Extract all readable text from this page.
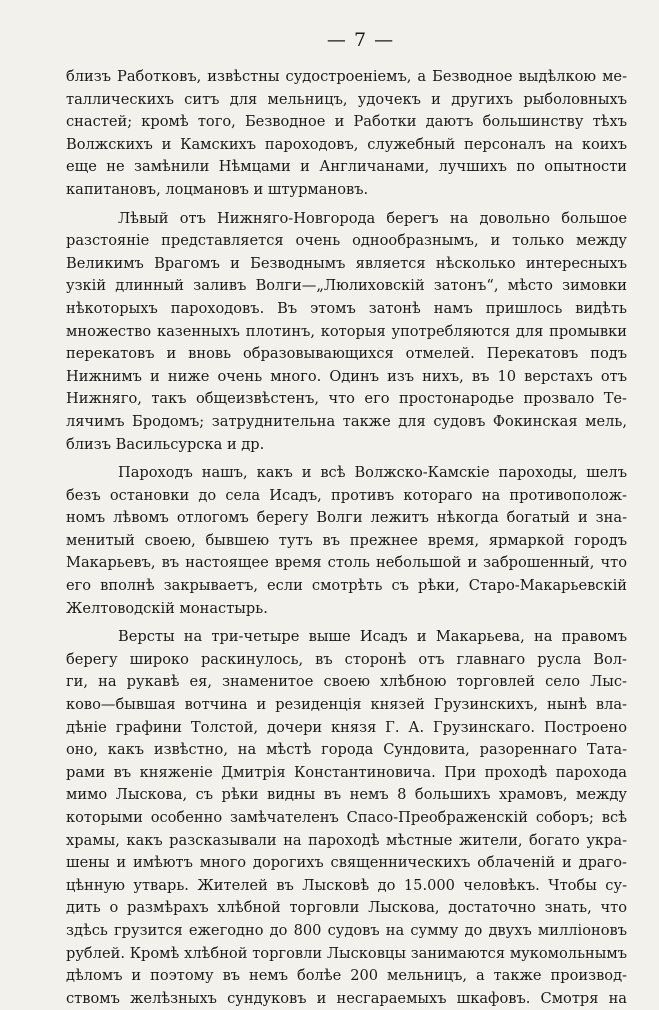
— 7 —
близъ Работковъ, извѣстны судостроеніемъ, а Безводное выдѣлкою ме-
таллическихъ ситъ для мельницъ, удочекъ и другихъ рыболовныхъ
снастей; кромѣ того, Безводное и Работки даютъ большинству тѣхъ
Волжскихъ и Камскихъ пароходовъ, служебный персоналъ на коихъ
еще не замѣнили Нѣмцами и Англичанами, лучшихъ по опытности
капитановъ, лоцмановъ и штурмановъ.
Лѣвый отъ Нижняго-Новгорода берегъ на довольно большое
разстояніе представляется очень однообразнымъ, и только между
Великимъ Врагомъ и Безводнымъ является нѣсколько интересныхъ
узкій длинный заливъ Волги—„Люлиховскій затонъ“, мѣсто зимовки
нѣкоторыхъ пароходовъ. Въ этомъ затонѣ намъ пришлось видѣть
множество казенныхъ плотинъ, которыя употребляются для промывки
перекатовъ и вновь образовывающихся отмелей. Перекатовъ подъ
Нижнимъ и ниже очень много. Одинъ изъ нихъ, въ 10 верстахъ отъ
Нижняго, такъ общеизвѣстенъ, что его простонародье прозвало Те-
лячимъ Бродомъ; затруднительна также для судовъ Фокинская мель,
близъ Васильсурска и др.
Пароходъ нашъ, какъ и всѣ Волжско-Камскіе пароходы, шелъ
безъ остановки до села Исадъ, противъ котораго на противополож-
номъ лѣвомъ отлогомъ берегу Волги лежитъ нѣкогда богатый и зна-
менитый своею, бывшею тутъ въ прежнее время, ярмаркой городъ
Макарьевъ, въ настоящее время столь небольшой и заброшенный, что
его вполнѣ закрываетъ, если смотрѣть съ рѣки, Старо-Макарьевскій
Желтоводскій монастырь.
Версты на три-четыре выше Исадъ и Макарьева, на правомъ
берегу широко раскинулось, въ сторонѣ отъ главнаго русла Вол-
ги, на рукавѣ ея, знаменитое своею хлѣбною торговлей село Лыс-
ково—бывшая вотчина и резиденція князей Грузинскихъ, нынѣ вла-
дѣніе графини Толстой, дочери князя Г. А. Грузинскаго. Построено
оно, какъ извѣстно, на мѣстѣ города Сундовита, разореннаго Тата-
рами въ княженіе Дмитрія Константиновича. При проходѣ парохода
мимо Лыскова, съ рѣки видны въ немъ 8 большихъ храмовъ, между
которыми особенно замѣчателенъ Спасо-Преображенскій соборъ; всѣ
храмы, какъ разсказывали на пароходѣ мѣстные жители, богато укра-
шены и имѣютъ много дорогихъ священническихъ облаченій и драго-
цѣнную утварь. Жителей въ Лысковѣ до 15.000 человѣкъ. Чтобы су-
дить о размѣрахъ хлѣбной торговли Лыскова, достаточно знать, что
здѣсь грузится ежегодно до 800 судовъ на сумму до двухъ милліоновъ
рублей. Кромѣ хлѣбной торговли Лысковцы занимаются мукомольнымъ
дѣломъ и поэтому въ немъ болѣе 200 мельницъ, а также производ-
ствомъ желѣзныхъ сундуковъ и несгараемыхъ шкафовъ. Смотря на
